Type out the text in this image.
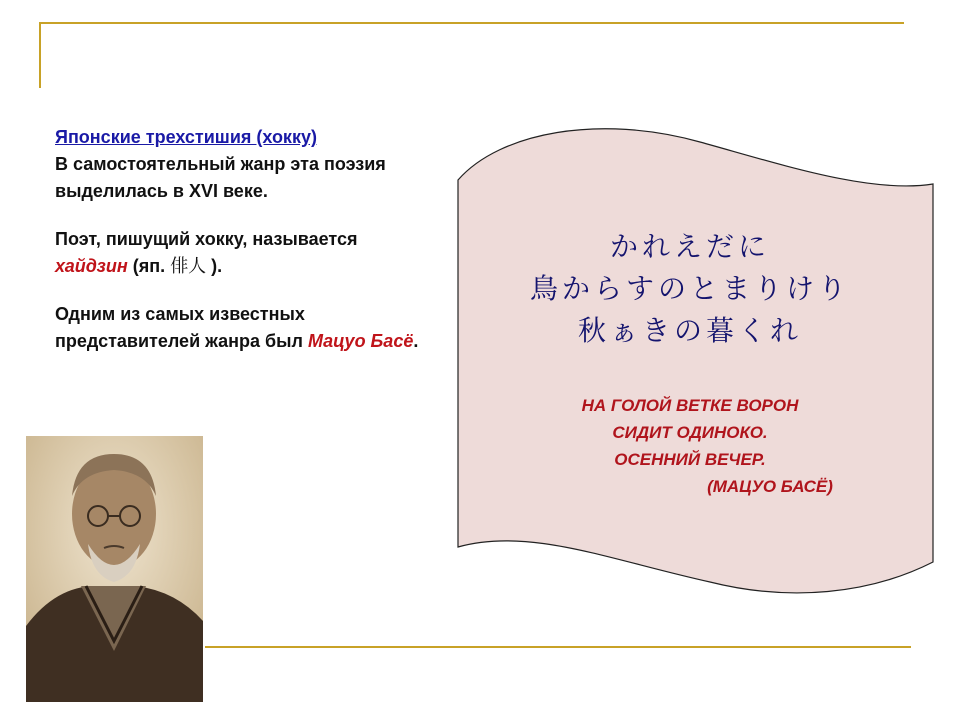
Японские трехстишия (хокку)
В самостоятельный жанр эта поэзия выделилась в XVI веке.

Поэт, пишущий хокку, называется хайдзин (яп. 俳人 ).

Одним из самых известных представителей жанра был Мацуо Басё.

かれえだに
鳥からすのとまりけり
秋ぁきの暮くれ
НА ГОЛОЙ ВЕТКЕ ВОРОН
СИДИТ ОДИНОКО.
ОСЕННИЙ ВЕЧЕР.
(МАЦУО БАСЁ)
